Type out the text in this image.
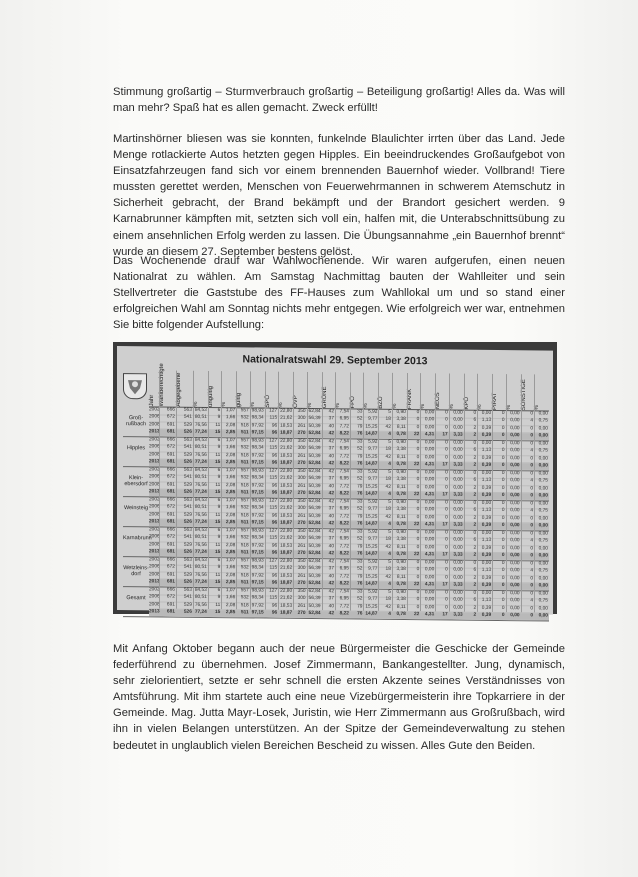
Stimmung großartig – Sturmverbrauch großartig – Beteiligung großartig! Alles da. Was will man mehr? Spaß hat es allen gemacht. Zweck erfüllt!
Martinshörner bliesen was sie konnten, funkelnde Blaulichter irrten über das Land. Jede Menge rotlackierte Autos hetzten gegen Hipples. Ein beeindruckendes Großaufgebot von Einsatzfahrzeugen fand sich vor einem brennenden Bauernhof wieder. Vollbrand! Tiere mussten gerettet werden, Menschen von Feuerwehrmannen in schwerem Atemschutz in Sicherheit gebracht, der Brand bekämpft und der Brandort gesichert werden. 9 Karnabrunner kämpften mit, setzten sich voll ein, halfen mit, die Unterabschnittsübung zu einem ansehnlichen Erfolg werden zu lassen. Die Übungsannahme „ein Bauernhof brennt“ wurde an diesem 27. September bestens gelöst.
Das Wochenende drauf war Wahlwochenende. Wir waren aufgerufen, einen neuen Nationalrat zu wählen. Am Samstag Nachmittag bauten der Wahlleiter und sein Stellvertreter die Gaststube des FF-Hauses zum Wahllokal um und so stand einer erfolgreichen Wahl am Sonntag nichts mehr entgegen. Wie erfolgreich wer war, entnehmen Sie bitte folgender Aufstellung:
Nationalratswahl 29. September 2013
Jahr Wahlberechtigte	Abgegebene	%	ungültig	%	gültig	%	SPÖ	%	ÖVP	%	GRÜNE	%	FPÖ	%	BZÖ	%	FRANK	%	NEOS	%	KPÖ	%	PIRAT	%	SONSTIGE	%
Groß-rußbach
2002	666	563 84,53	6	1,07	557 98,93	127 22,80	350 62,84	42	7,54	33	5,92	5	0,90	0	0,00	0	0,00	0	0,00	0	0,00	0	0,00
2006	672	541 80,51	9	1,66	532 98,34	115 21,62	300 56,39	37	6,95	52	9,77	18	3,38	0	0,00	0	0,00	6	1,13	0	0,00	4	0,75
2008	691	529 76,56	11	2,08	518 97,92	96 18,53	261 50,39	40	7,72	79 15,25	42	8,11	0	0,00	0	0,00	2	0,39	0	0,00	0	0,00
2013	681	526 77,24	15	2,85	511 97,15	96 18,87	270 52,84	42	8,22	76 14,87	4	0,78	22	4,31	17	3,33	2	0,39	0	0,00	0	0,00
Hipples
2002	666	563 84,53	6	1,07	557 98,93	127 22,80	350 62,84	42	7,54	33	5,92	5	0,90	0	0,00	0	0,00	0	0,00	0	0,00	0	0,00
2006	672	541 80,51	9	1,66	532 98,34	115 21,62	300 56,39	37	6,95	52	9,77	18	3,38	0	0,00	0	0,00	6	1,13	0	0,00	4	0,75
2008	691	529 76,56	11	2,08	518 97,92	96 18,53	261 50,39	40	7,72	79 15,25	42	8,11	0	0,00	0	0,00	2	0,39	0	0,00	0	0,00
2013	681	526 77,24	15	2,85	511 97,15	96 18,87	270 52,84	42	8,22	76 14,87	4	0,78	22	4,31	17	3,33	2	0,39	0	0,00	0	0,00
Klein-ebersdorf
2002	666	563 84,53	6	1,07	557 98,93	127 22,80	350 62,84	42	7,54	33	5,92	5	0,90	0	0,00	0	0,00	0	0,00	0	0,00	0	0,00
2006	672	541 80,51	9	1,66	532 98,34	115 21,62	300 56,39	37	6,95	52	9,77	18	3,38	0	0,00	0	0,00	6	1,13	0	0,00	4	0,75
2008	691	529 76,56	11	2,08	518 97,92	96 18,53	261 50,39	40	7,72	79 15,25	42	8,11	0	0,00	0	0,00	2	0,39	0	0,00	0	0,00
2013	681	526 77,24	15	2,85	511 97,15	96 18,87	270 52,84	42	8,22	76 14,87	4	0,78	22	4,31	17	3,33	2	0,39	0	0,00	0	0,00
Weinsteig
2002	666	563 84,53	6	1,07	557 98,93	127 22,80	350 62,84	42	7,54	33	5,92	5	0,90	0	0,00	0	0,00	0	0,00	0	0,00	0	0,00
2006	672	541 80,51	9	1,66	532 98,34	115 21,62	300 56,39	37	6,95	52	9,77	18	3,38	0	0,00	0	0,00	6	1,13	0	0,00	4	0,75
2008	691	529 76,56	11	2,08	518 97,92	96 18,53	261 50,39	40	7,72	79 15,25	42	8,11	0	0,00	0	0,00	2	0,39	0	0,00	0	0,00
2013	681	526 77,24	15	2,85	511 97,15	96 18,87	270 52,84	42	8,22	76 14,87	4	0,78	22	4,31	17	3,33	2	0,39	0	0,00	0	0,00
Karnabrunn
2002	666	563 84,53	6	1,07	557 98,93	127 22,80	350 62,84	42	7,54	33	5,92	5	0,90	0	0,00	0	0,00	0	0,00	0	0,00	0	0,00
2006	672	541 80,51	9	1,66	532 98,34	115 21,62	300 56,39	37	6,95	52	9,77	18	3,38	0	0,00	0	0,00	6	1,13	0	0,00	4	0,75
2008	691	529 76,56	11	2,08	518 97,92	96 18,53	261 50,39	40	7,72	79 15,25	42	8,11	0	0,00	0	0,00	2	0,39	0	0,00	0	0,00
2013	681	526 77,24	15	2,85	511 97,15	96 18,87	270 52,84	42	8,22	76 14,87	4	0,78	22	4,31	17	3,33	2	0,39	0	0,00	0	0,00
Wetzleins-dorf
2002	666	563 84,53	6	1,07	557 98,93	127 22,80	350 62,84	42	7,54	33	5,92	5	0,90	0	0,00	0	0,00	0	0,00	0	0,00	0	0,00
2006	672	541 80,51	9	1,66	532 98,34	115 21,62	300 56,39	37	6,95	52	9,77	18	3,38	0	0,00	0	0,00	6	1,13	0	0,00	4	0,75
2008	691	529 76,56	11	2,08	518 97,92	96 18,53	261 50,39	40	7,72	79 15,25	42	8,11	0	0,00	0	0,00	2	0,39	0	0,00	0	0,00
2013	681	526 77,24	15	2,85	511 97,15	96 18,87	270 52,84	42	8,22	76 14,87	4	0,78	22	4,31	17	3,33	2	0,39	0	0,00	0	0,00
Gesamt
2002	666	563 84,53	6	1,07	557 98,93	127 22,80	350 62,84	42	7,54	33	5,92	5	0,90	0	0,00	0	0,00	0	0,00	0	0,00	0	0,00
2006	672	541 80,51	9	1,66	532 98,34	115 21,62	300 56,39	37	6,95	52	9,77	18	3,38	0	0,00	0	0,00	6	1,13	0	0,00	4	0,75
2008	691	529 76,56	11	2,08	518 97,92	96 18,53	261 50,39	40	7,72	79 15,25	42	8,11	0	0,00	0	0,00	2	0,39	0	0,00	0	0,00
2013	681	526 77,24	15	2,85	511 97,15	96 18,87	270 52,84	42	8,22	76 14,87	4	0,78	22	4,31	17	3,33	2	0,39	0	0,00	0	0,00
Mit Anfang Oktober begann auch der neue Bürgermeister die Geschicke der Gemeinde federführend zu übernehmen. Josef Zimmermann, Bankangestellter. Jung, dynamisch, sehr zielorientiert, setzte er sehr schnell die ersten Akzente seines Verständnisses von Amtsführung. Mit ihm startete auch eine neue Vizebürgermeisterin ihre Topkarriere in der Gemeinde. Mag. Jutta Mayr-Losek, Juristin, wie Herr Zimmermann aus Großrußbach, wird ihn in vielen Belangen unterstützen. An der Spitze der Gemeindeverwaltung zu stehen bedeutet in unglaublich vielen Bereichen Bescheid zu wissen. Alles Gute den Beiden.
